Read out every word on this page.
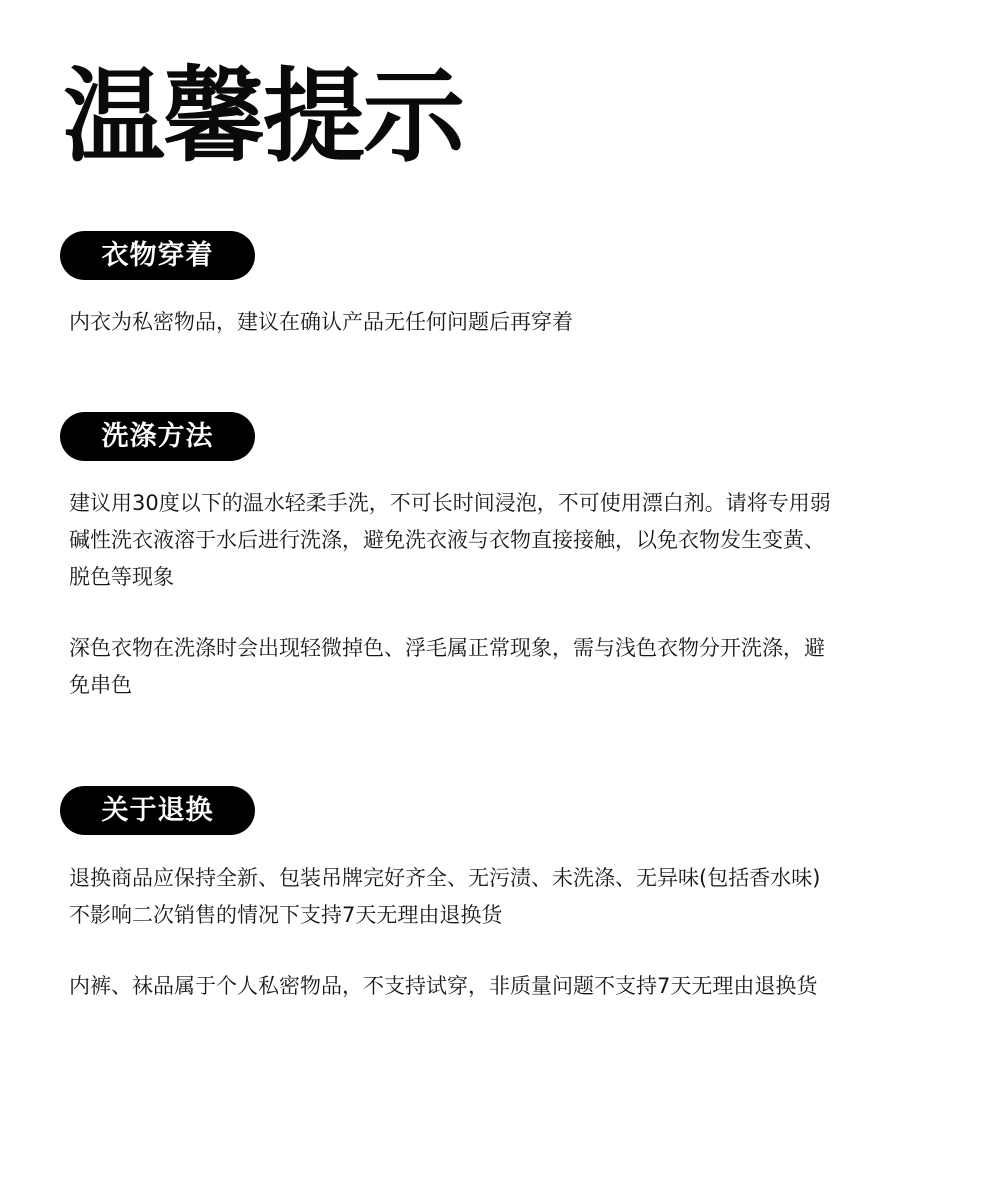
温馨提示
衣物穿着

内衣为私密物品，建议在确认产品无任何问题后再穿着

洗涤方法

建议用30度以下的温水轻柔手洗，不可长时间浸泡，不可使用漂白剂。请将专用弱
碱性洗衣液溶于水后进行洗涤，避免洗衣液与衣物直接接触，以免衣物发生变黄、
脱色等现象

深色衣物在洗涤时会出现轻微掉色、浮毛属正常现象，需与浅色衣物分开洗涤，避
免串色

关于退换

退换商品应保持全新、包装吊牌完好齐全、无污渍、未洗涤、无异味(包括香水味)
不影响二次销售的情况下支持7天无理由退换货

内裤、袜品属于个人私密物品，不支持试穿，非质量问题不支持7天无理由退换货
